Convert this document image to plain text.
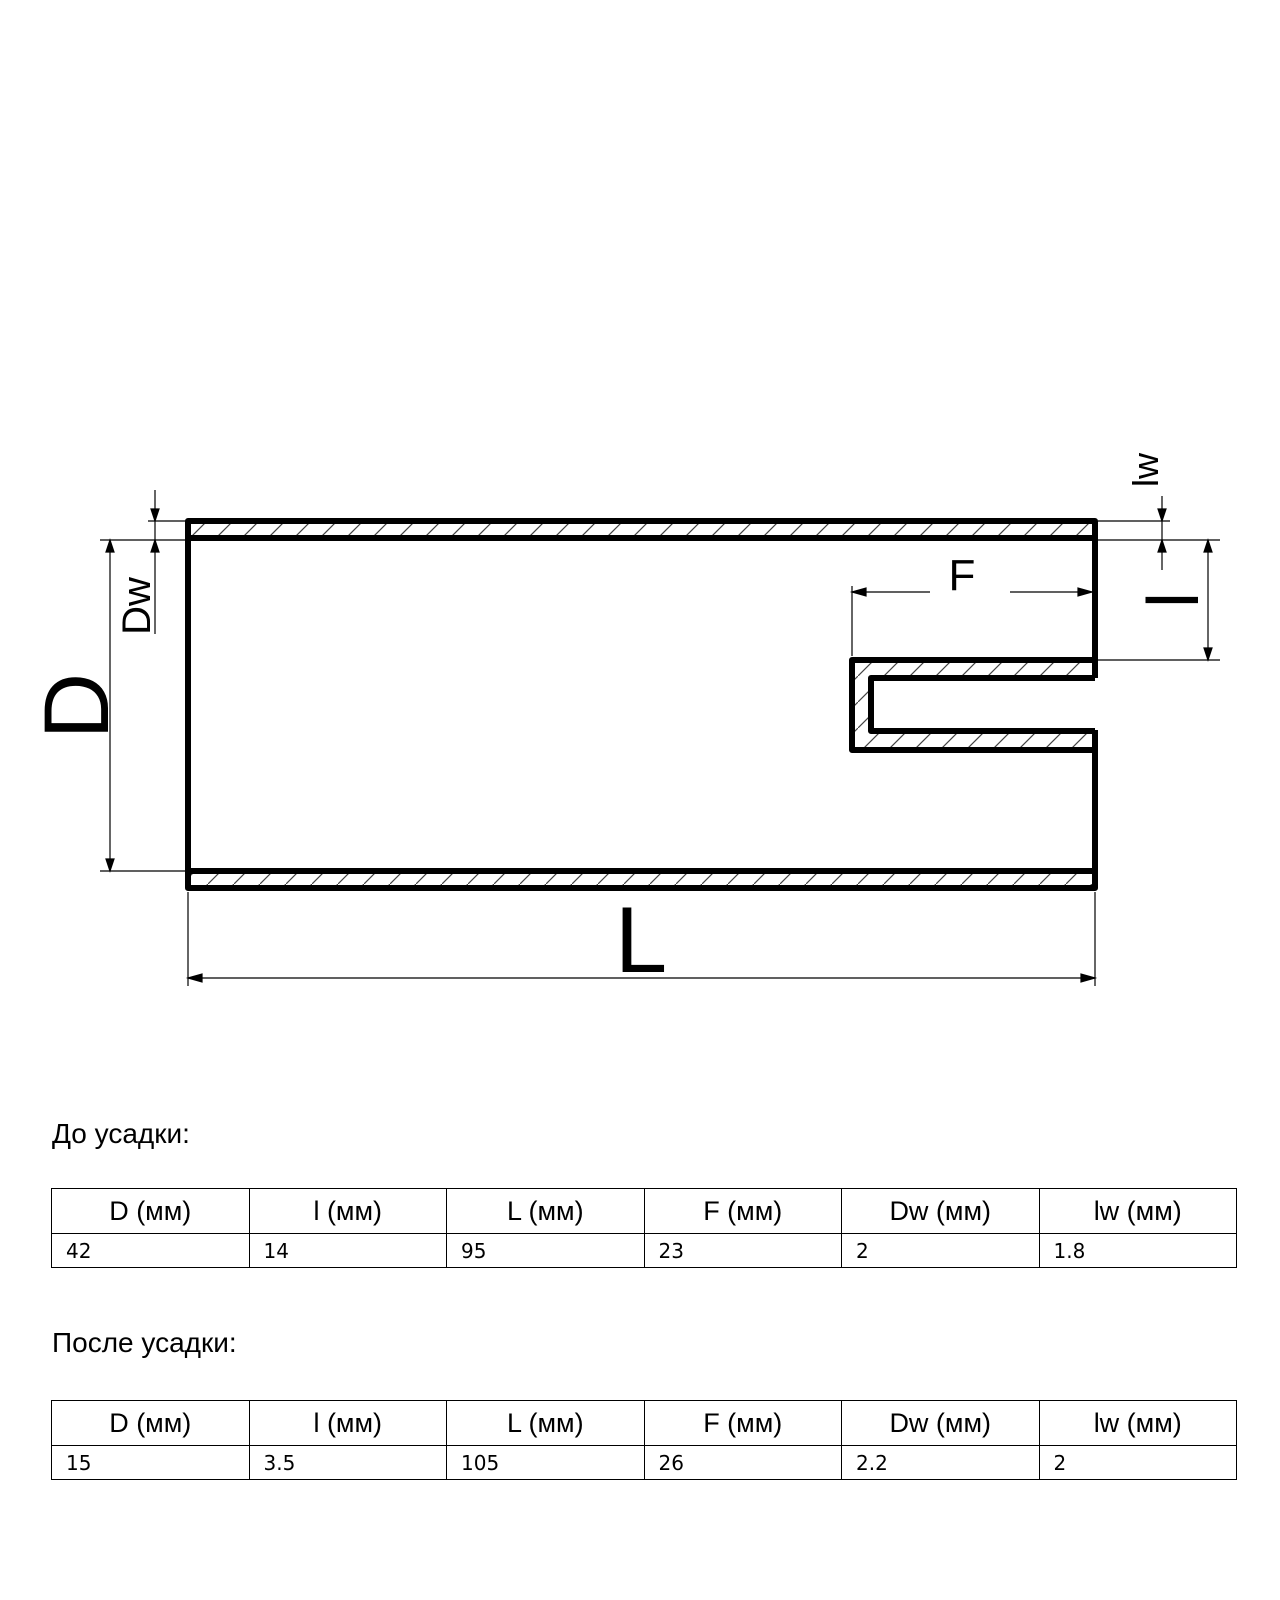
D
Dw
L
F l
lw
До усадки:
D (мм)	l (мм)	L (мм)	F (мм)	Dw (мм)	lw (мм)
42	14	95	23	2	1.8
После усадки:
D (мм)	l (мм)	L (мм)	F (мм)	Dw (мм)	lw (мм)
15	3.5	105	26	2.2	2
